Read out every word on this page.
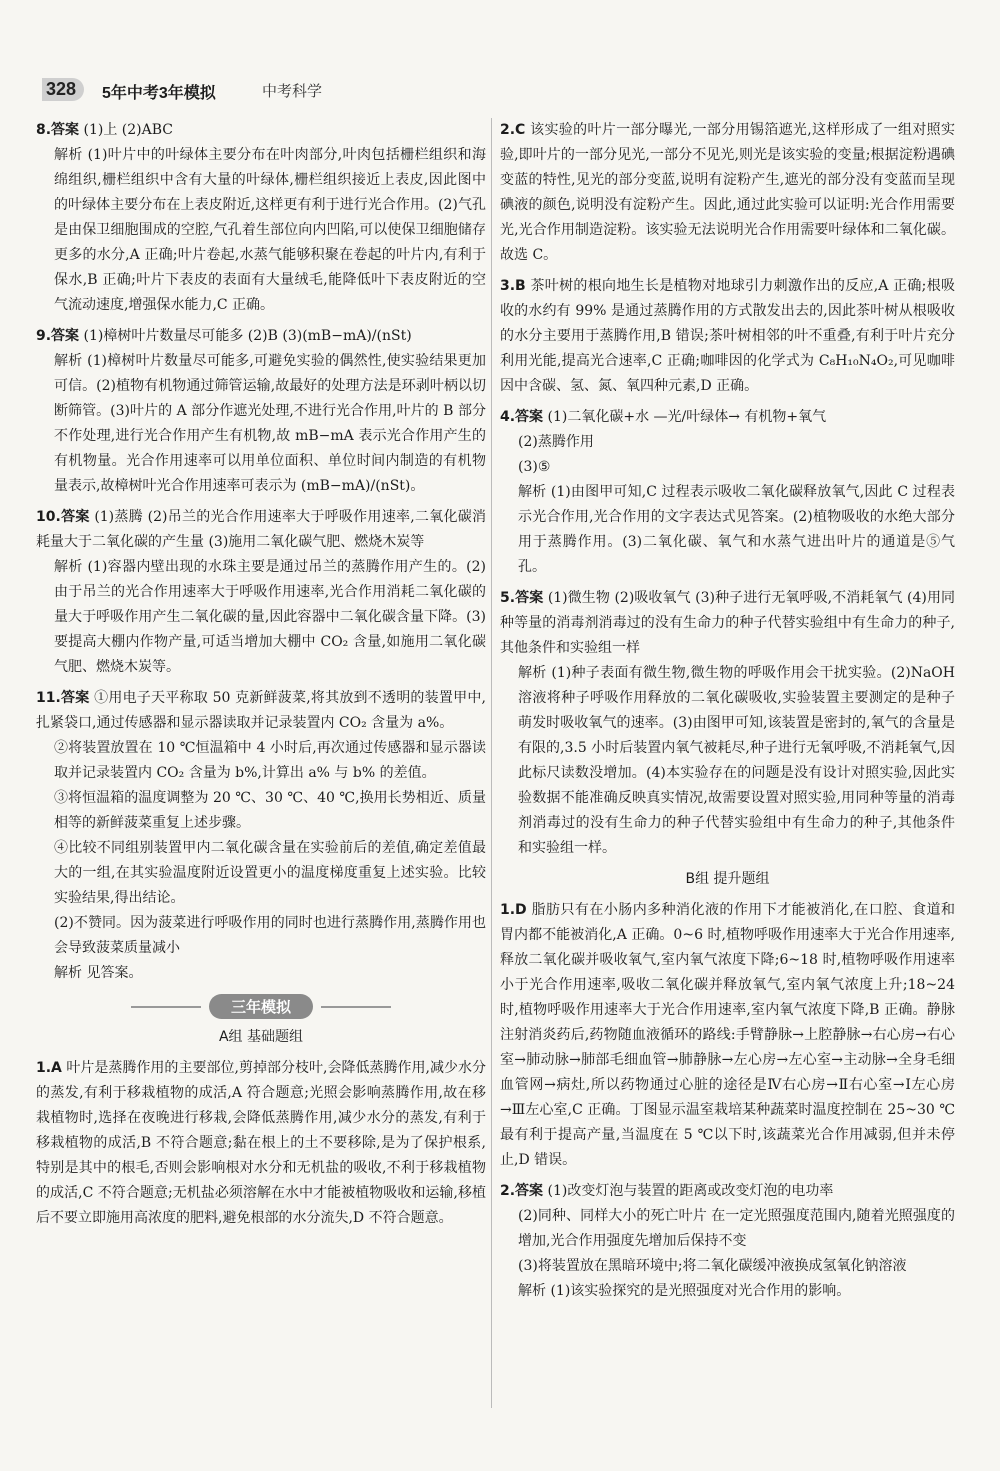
328	5年中考3年模拟	中考科学
8.答案 (1)上 (2)ABC
解析 (1)叶片中的叶绿体主要分布在叶肉部分,叶肉包括栅栏组织和海绵组织,栅栏组织中含有大量的叶绿体,栅栏组织接近上表皮,因此图中的叶绿体主要分布在上表皮附近,这样更有利于进行光合作用。(2)气孔是由保卫细胞围成的空腔,气孔着生部位向内凹陷,可以使保卫细胞储存更多的水分,A 正确;叶片卷起,水蒸气能够积聚在卷起的叶片内,有利于保水,B 正确;叶片下表皮的表面有大量绒毛,能降低叶下表皮附近的空气流动速度,增强保水能力,C 正确。
9.答案 (1)樟树叶片数量尽可能多 (2)B (3)(mB−mA)/(nSt)
解析 (1)樟树叶片数量尽可能多,可避免实验的偶然性,使实验结果更加可信。(2)植物有机物通过筛管运输,故最好的处理方法是环剥叶柄以切断筛管。(3)叶片的 A 部分作遮光处理,不进行光合作用,叶片的 B 部分不作处理,进行光合作用产生有机物,故 mB−mA 表示光合作用产生的有机物量。光合作用速率可以用单位面积、单位时间内制造的有机物量表示,故樟树叶光合作用速率可表示为 (mB−mA)/(nSt)。
10.答案 (1)蒸腾 (2)吊兰的光合作用速率大于呼吸作用速率,二氧化碳消耗量大于二氧化碳的产生量 (3)施用二氧化碳气肥、燃烧木炭等
解析 (1)容器内壁出现的水珠主要是通过吊兰的蒸腾作用产生的。(2)由于吊兰的光合作用速率大于呼吸作用速率,光合作用消耗二氧化碳的量大于呼吸作用产生二氧化碳的量,因此容器中二氧化碳含量下降。(3)要提高大棚内作物产量,可适当增加大棚中 CO₂ 含量,如施用二氧化碳气肥、燃烧木炭等。
11.答案 ①用电子天平称取 50 克新鲜菠菜,将其放到不透明的装置甲中,扎紧袋口,通过传感器和显示器读取并记录装置内 CO₂ 含量为 a%。
②将装置放置在 10 ℃恒温箱中 4 小时后,再次通过传感器和显示器读取并记录装置内 CO₂ 含量为 b%,计算出 a% 与 b% 的差值。
③将恒温箱的温度调整为 20 ℃、30 ℃、40 ℃,换用长势相近、质量相等的新鲜菠菜重复上述步骤。
④比较不同组别装置甲内二氧化碳含量在实验前后的差值,确定差值最大的一组,在其实验温度附近设置更小的温度梯度重复上述实验。比较实验结果,得出结论。
(2)不赞同。因为菠菜进行呼吸作用的同时也进行蒸腾作用,蒸腾作用也会导致菠菜质量减小
解析 见答案。
三年模拟
A组 基础题组
1.A 叶片是蒸腾作用的主要部位,剪掉部分枝叶,会降低蒸腾作用,减少水分的蒸发,有利于移栽植物的成活,A 符合题意;光照会影响蒸腾作用,故在移栽植物时,选择在夜晚进行移栽,会降低蒸腾作用,减少水分的蒸发,有利于移栽植物的成活,B 不符合题意;黏在根上的土不要移除,是为了保护根系,特别是其中的根毛,否则会影响根对水分和无机盐的吸收,不利于移栽植物的成活,C 不符合题意;无机盐必须溶解在水中才能被植物吸收和运输,移植后不要立即施用高浓度的肥料,避免根部的水分流失,D 不符合题意。
2.C 该实验的叶片一部分曝光,一部分用锡箔遮光,这样形成了一组对照实验,即叶片的一部分见光,一部分不见光,则光是该实验的变量;根据淀粉遇碘变蓝的特性,见光的部分变蓝,说明有淀粉产生,遮光的部分没有变蓝而呈现碘液的颜色,说明没有淀粉产生。因此,通过此实验可以证明:光合作用需要光,光合作用制造淀粉。该实验无法说明光合作用需要叶绿体和二氧化碳。故选 C。
3.B 茶叶树的根向地生长是植物对地球引力刺激作出的反应,A 正确;根吸收的水约有 99% 是通过蒸腾作用的方式散发出去的,因此茶叶树从根吸收的水分主要用于蒸腾作用,B 错误;茶叶树相邻的叶不重叠,有利于叶片充分利用光能,提高光合速率,C 正确;咖啡因的化学式为 C₈H₁₀N₄O₂,可见咖啡因中含碳、氢、氮、氧四种元素,D 正确。
4.答案 (1)二氧化碳+水 —光/叶绿体→ 有机物+氧气
(2)蒸腾作用
(3)⑤
解析 (1)由图甲可知,C 过程表示吸收二氧化碳释放氧气,因此 C 过程表示光合作用,光合作用的文字表达式见答案。(2)植物吸收的水绝大部分用于蒸腾作用。(3)二氧化碳、氧气和水蒸气进出叶片的通道是⑤气孔。
5.答案 (1)微生物 (2)吸收氧气 (3)种子进行无氧呼吸,不消耗氧气 (4)用同种等量的消毒剂消毒过的没有生命力的种子代替实验组中有生命力的种子,其他条件和实验组一样
解析 (1)种子表面有微生物,微生物的呼吸作用会干扰实验。(2)NaOH 溶液将种子呼吸作用释放的二氧化碳吸收,实验装置主要测定的是种子萌发时吸收氧气的速率。(3)由图甲可知,该装置是密封的,氧气的含量是有限的,3.5 小时后装置内氧气被耗尽,种子进行无氧呼吸,不消耗氧气,因此标尺读数没增加。(4)本实验存在的问题是没有设计对照实验,因此实验数据不能准确反映真实情况,故需要设置对照实验,用同种等量的消毒剂消毒过的没有生命力的种子代替实验组中有生命力的种子,其他条件和实验组一样。
B组 提升题组
1.D 脂肪只有在小肠内多种消化液的作用下才能被消化,在口腔、食道和胃内都不能被消化,A 正确。0~6 时,植物呼吸作用速率大于光合作用速率,释放二氧化碳并吸收氧气,室内氧气浓度下降;6~18 时,植物呼吸作用速率小于光合作用速率,吸收二氧化碳并释放氧气,室内氧气浓度上升;18~24 时,植物呼吸作用速率大于光合作用速率,室内氧气浓度下降,B 正确。静脉注射消炎药后,药物随血液循环的路线:手臂静脉→上腔静脉→右心房→右心室→肺动脉→肺部毛细血管→肺静脉→左心房→左心室→主动脉→全身毛细血管网→病灶,所以药物通过心脏的途径是Ⅳ右心房→Ⅱ右心室→Ⅰ左心房→Ⅲ左心室,C 正确。丁图显示温室栽培某种蔬菜时温度控制在 25~30 ℃最有利于提高产量,当温度在 5 ℃以下时,该蔬菜光合作用减弱,但并未停止,D 错误。
2.答案 (1)改变灯泡与装置的距离或改变灯泡的电功率
(2)同种、同样大小的死亡叶片 在一定光照强度范围内,随着光照强度的增加,光合作用强度先增加后保持不变
(3)将装置放在黑暗环境中;将二氧化碳缓冲液换成氢氧化钠溶液
解析 (1)该实验探究的是光照强度对光合作用的影响。
